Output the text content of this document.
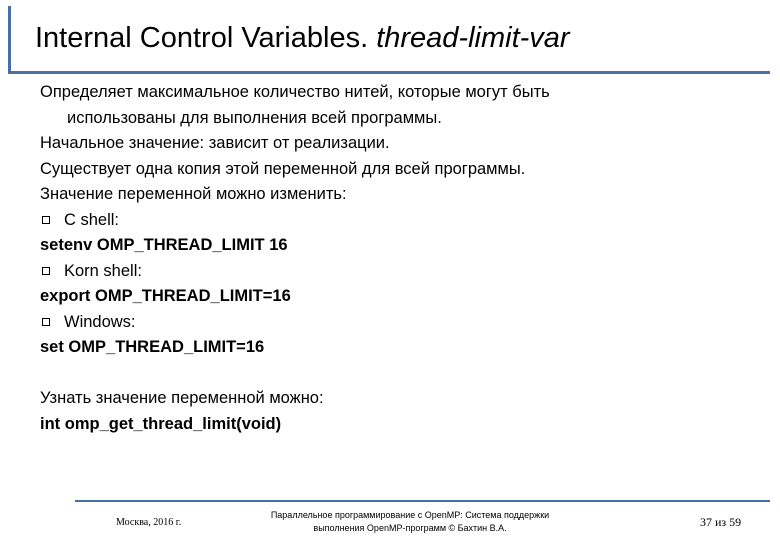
Internal Control Variables. thread-limit-var
Определяет максимальное количество нитей, которые могут быть
использованы для выполнения всей программы.
Начальное значение: зависит от реализации.
Существует одна копия этой переменной для всей программы.
Значение переменной можно изменить:
C shell:
setenv OMP_THREAD_LIMIT 16
Korn shell:
export OMP_THREAD_LIMIT=16
Windows:
set OMP_THREAD_LIMIT=16
Узнать значение переменной можно:
int omp_get_thread_limit(void)
Москва, 2016 г.
Параллельное программирование с OpenMP: Система поддержки
выполнения OpenMP-программ © Бахтин В.А.	37 из 59
